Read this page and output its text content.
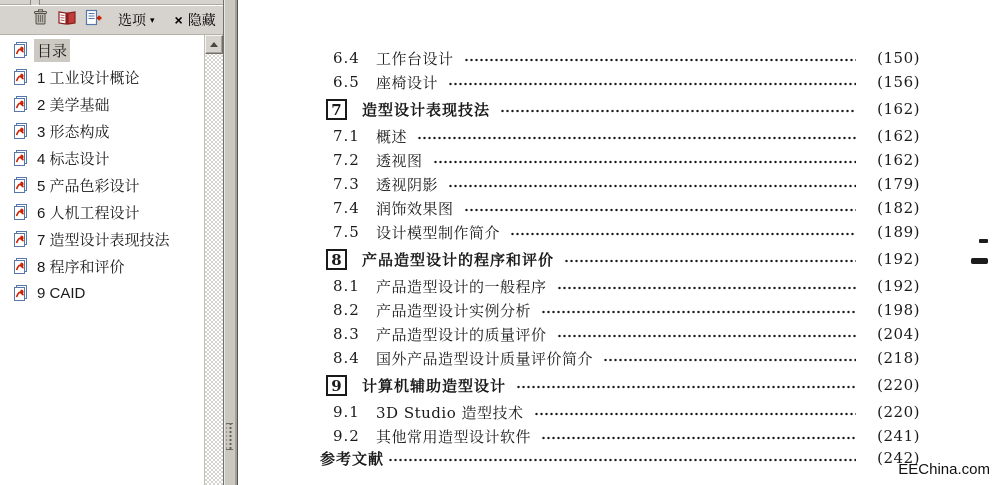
选项 ▾ × 隐藏
目录
1 工业设计概论
2 美学基础
3 形态构成
4 标志设计
5 产品色彩设计
6 人机工程设计
7 造型设计表现技法
8 程序和评价
9 CAID
6.4 工作台设计	(150)
6.5 座椅设计	(156)
7	造型设计表现技法	(162)
7.1 概述	(162)
7.2 透视图	(162)
7.3 透视阴影	(179)
7.4 润饰效果图	(182)
7.5 设计模型制作简介	(189)
8	产品造型设计的程序和评价	(192)
8.1 产品造型设计的一般程序	(192)
8.2 产品造型设计实例分析	(198)
8.3 产品造型设计的质量评价	(204)
8.4 国外产品造型设计质量评价简介	(218)
9	计算机辅助造型设计	(220)
9.1 3D Studio 造型技术	(220)
9.2 其他常用造型设计软件	(241)
参考文献	(242)
EEChina.com
